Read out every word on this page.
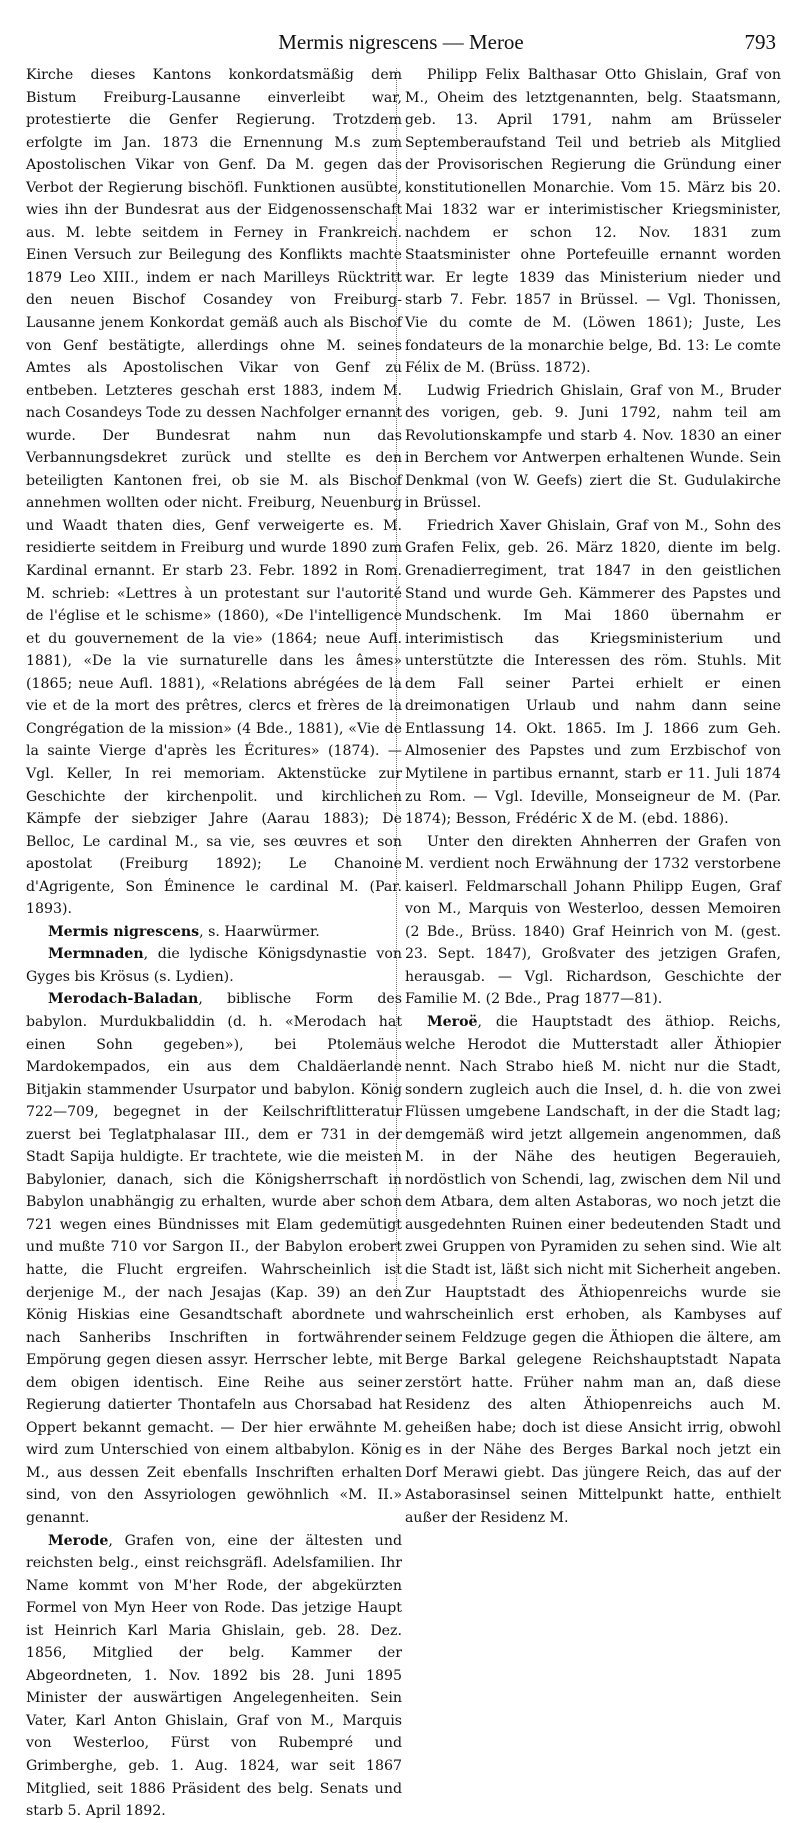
Mermis nigrescens — Meroe	793

Kirche dieses Kantons konkordatsmäßig dem Bistum Freiburg-Lausanne einverleibt war, protestierte die Genfer Regierung. Trotzdem erfolgte im Jan. 1873 die Ernennung M.s zum Apostolischen Vikar von Genf. Da M. gegen das Verbot der Regierung bischöfl. Funktionen ausübte, wies ihn der Bundesrat aus der Eidgenossenschaft aus. M. lebte seitdem in Ferney in Frankreich. Einen Versuch zur Beilegung des Konflikts machte 1879 Leo XIII., indem er nach Marilleys Rücktritt den neuen Bischof Cosandey von Freiburg-Lausanne jenem Konkordat gemäß auch als Bischof von Genf bestätigte, allerdings ohne M. seines Amtes als Apostolischen Vikar von Genf zu entbeben. Letzteres geschah erst 1883, indem M. nach Cosandeys Tode zu dessen Nachfolger ernannt wurde. Der Bundesrat nahm nun das Verbannungsdekret zurück und stellte es den beteiligten Kantonen frei, ob sie M. als Bischof annehmen wollten oder nicht. Freiburg, Neuenburg und Waadt thaten dies, Genf verweigerte es. M. residierte seitdem in Freiburg und wurde 1890 zum Kardinal ernannt. Er starb 23. Febr. 1892 in Rom. M. schrieb: «Lettres à un protestant sur l'autorité de l'église et le schisme» (1860), «De l'intelligence et du gouvernement de la vie» (1864; neue Aufl. 1881), «De la vie surnaturelle dans les âmes» (1865; neue Aufl. 1881), «Relations abrégées de la vie et de la mort des prêtres, clercs et frères de la Congrégation de la mission» (4 Bde., 1881), «Vie de la sainte Vierge d'après les Écritures» (1874). — Vgl. Keller, In rei memoriam. Aktenstücke zur Geschichte der kirchenpolit. und kirchlichen Kämpfe der siebziger Jahre (Aarau 1883); De Belloc, Le cardinal M., sa vie, ses œuvres et son apostolat (Freiburg 1892); Le Chanoine d'Agrigente, Son Éminence le cardinal M. (Par. 1893).

Mermis nigrescens, s. Haarwürmer.

Mermnaden, die lydische Königsdynastie von Gyges bis Krösus (s. Lydien).

Merodach-Baladan, biblische Form des babylon. Murdukbaliddin (d. h. «Merodach hat einen Sohn gegeben»), bei Ptolemäus Mardokempados, ein aus dem Chaldäerlande Bitjakin stammender Usurpator und babylon. König 722—709, begegnet in der Keilschriftlitteratur zuerst bei Teglatphalasar III., dem er 731 in der Stadt Sapija huldigte. Er trachtete, wie die meisten Babylonier, danach, sich die Königsherrschaft in Babylon unabhängig zu erhalten, wurde aber schon 721 wegen eines Bündnisses mit Elam gedemütigt und mußte 710 vor Sargon II., der Babylon erobert hatte, die Flucht ergreifen. Wahrscheinlich ist derjenige M., der nach Jesajas (Kap. 39) an den König Hiskias eine Gesandtschaft abordnete und nach Sanheribs Inschriften in fortwährender Empörung gegen diesen assyr. Herrscher lebte, mit dem obigen identisch. Eine Reihe aus seiner Regierung datierter Thontafeln aus Chorsabad hat Oppert bekannt gemacht. — Der hier erwähnte M. wird zum Unterschied von einem altbabylon. König M., aus dessen Zeit ebenfalls Inschriften erhalten sind, von den Assyriologen gewöhnlich «M. II.» genannt.

Merode, Grafen von, eine der ältesten und reichsten belg., einst reichsgräfl. Adelsfamilien. Ihr Name kommt von M'her Rode, der abgekürzten Formel von Myn Heer von Rode. Das jetzige Haupt ist Heinrich Karl Maria Ghislain, geb. 28. Dez. 1856, Mitglied der belg. Kammer der Abgeordneten, 1. Nov. 1892 bis 28. Juni 1895 Minister der auswärtigen Angelegenheiten. Sein Vater, Karl Anton Ghislain, Graf von M., Marquis von Westerloo, Fürst von Rubempré und Grimberghe, geb. 1. Aug. 1824, war seit 1867 Mitglied, seit 1886 Präsident des belg. Senats und starb 5. April 1892.

Philipp Felix Balthasar Otto Ghislain, Graf von M., Oheim des letztgenannten, belg. Staatsmann, geb. 13. April 1791, nahm am Brüsseler Septemberaufstand Teil und betrieb als Mitglied der Provisorischen Regierung die Gründung einer konstitutionellen Monarchie. Vom 15. März bis 20. Mai 1832 war er interimistischer Kriegsminister, nachdem er schon 12. Nov. 1831 zum Staatsminister ohne Portefeuille ernannt worden war. Er legte 1839 das Ministerium nieder und starb 7. Febr. 1857 in Brüssel. — Vgl. Thonissen, Vie du comte de M. (Löwen 1861); Juste, Les fondateurs de la monarchie belge, Bd. 13: Le comte Félix de M. (Brüss. 1872).

Ludwig Friedrich Ghislain, Graf von M., Bruder des vorigen, geb. 9. Juni 1792, nahm teil am Revolutionskampfe und starb 4. Nov. 1830 an einer in Berchem vor Antwerpen erhaltenen Wunde. Sein Denkmal (von W. Geefs) ziert die St. Gudulakirche in Brüssel.

Friedrich Xaver Ghislain, Graf von M., Sohn des Grafen Felix, geb. 26. März 1820, diente im belg. Grenadierregiment, trat 1847 in den geistlichen Stand und wurde Geh. Kämmerer des Papstes und Mundschenk. Im Mai 1860 übernahm er interimistisch das Kriegsministerium und unterstützte die Interessen des röm. Stuhls. Mit dem Fall seiner Partei erhielt er einen dreimonatigen Urlaub und nahm dann seine Entlassung 14. Okt. 1865. Im J. 1866 zum Geh. Almosenier des Papstes und zum Erzbischof von Mytilene in partibus ernannt, starb er 11. Juli 1874 zu Rom. — Vgl. Ideville, Monseigneur de M. (Par. 1874); Besson, Frédéric X de M. (ebd. 1886).

Unter den direkten Ahnherren der Grafen von M. verdient noch Erwähnung der 1732 verstorbene kaiserl. Feldmarschall Johann Philipp Eugen, Graf von M., Marquis von Westerloo, dessen Memoiren (2 Bde., Brüss. 1840) Graf Heinrich von M. (gest. 23. Sept. 1847), Großvater des jetzigen Grafen, herausgab. — Vgl. Richardson, Geschichte der Familie M. (2 Bde., Prag 1877—81).

Meroë, die Hauptstadt des äthiop. Reichs, welche Herodot die Mutterstadt aller Äthiopier nennt. Nach Strabo hieß M. nicht nur die Stadt, sondern zugleich auch die Insel, d. h. die von zwei Flüssen umgebene Landschaft, in der die Stadt lag; demgemäß wird jetzt allgemein angenommen, daß M. in der Nähe des heutigen Begerauieh, nordöstlich von Schendi, lag, zwischen dem Nil und dem Atbara, dem alten Astaboras, wo noch jetzt die ausgedehnten Ruinen einer bedeutenden Stadt und zwei Gruppen von Pyramiden zu sehen sind. Wie alt die Stadt ist, läßt sich nicht mit Sicherheit angeben. Zur Hauptstadt des Äthiopenreichs wurde sie wahrscheinlich erst erhoben, als Kambyses auf seinem Feldzuge gegen die Äthiopen die ältere, am Berge Barkal gelegene Reichshauptstadt Napata zerstört hatte. Früher nahm man an, daß diese Residenz des alten Äthiopenreichs auch M. geheißen habe; doch ist diese Ansicht irrig, obwohl es in der Nähe des Berges Barkal noch jetzt ein Dorf Merawi giebt. Das jüngere Reich, das auf der Astaborasinsel seinen Mittelpunkt hatte, enthielt außer der Residenz M.
